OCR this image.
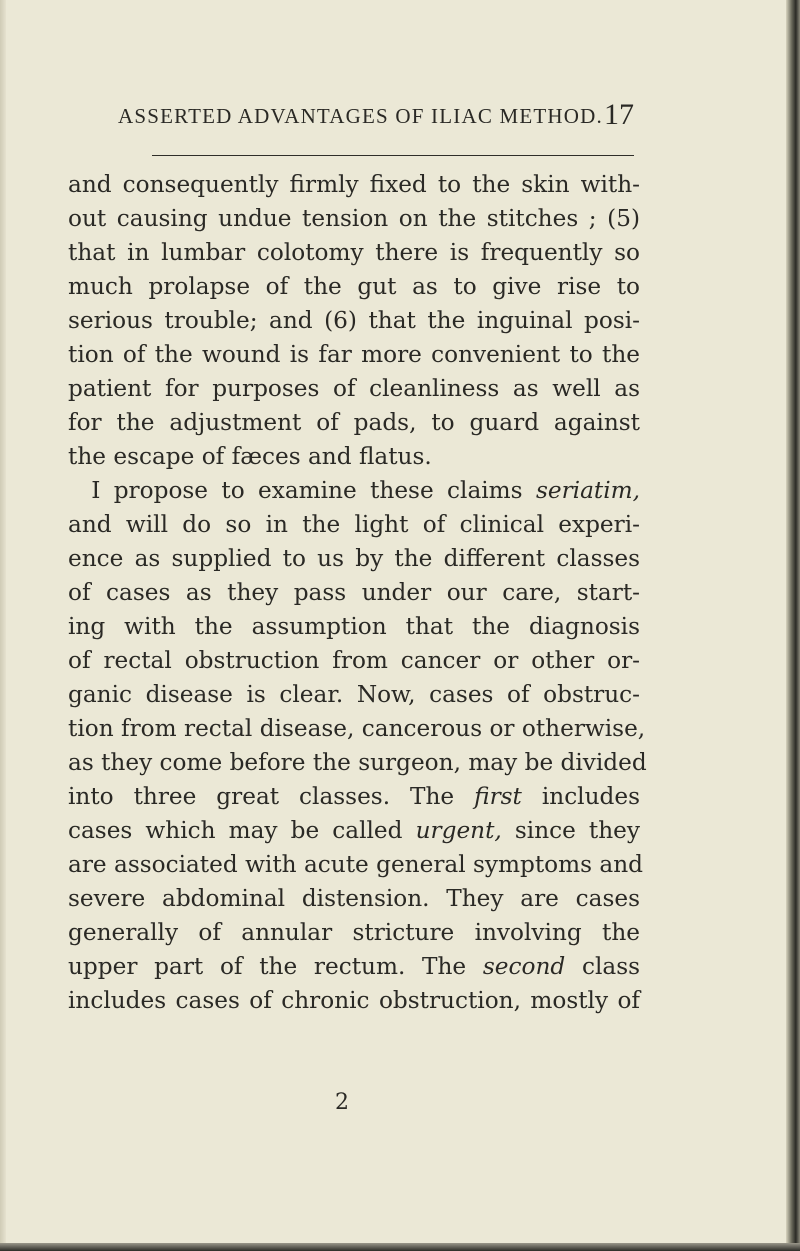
ASSERTED ADVANTAGES OF ILIAC METHOD. 17
and consequently firmly fixed to the skin with-
out causing undue tension on the stitches ; (5)
that in lumbar colotomy there is frequently so
much prolapse of the gut as to give rise to
serious trouble; and (6) that the inguinal posi-
tion of the wound is far more convenient to the
patient for purposes of cleanliness as well as
for the adjustment of pads, to guard against
the escape of fæces and flatus.
 I propose to examine these claims seriatim,
and will do so in the light of clinical experi-
ence as supplied to us by the different classes
of cases as they pass under our care, start-
ing with the assumption that the diagnosis
of rectal obstruction from cancer or other or-
ganic disease is clear. Now, cases of obstruc-
tion from rectal disease, cancerous or otherwise,
as they come before the surgeon, may be divided
into three great classes. The first includes
cases which may be called urgent, since they
are associated with acute general symptoms and
severe abdominal distension. They are cases
generally of annular stricture involving the
upper part of the rectum. The second class
includes cases of chronic obstruction, mostly of
2
